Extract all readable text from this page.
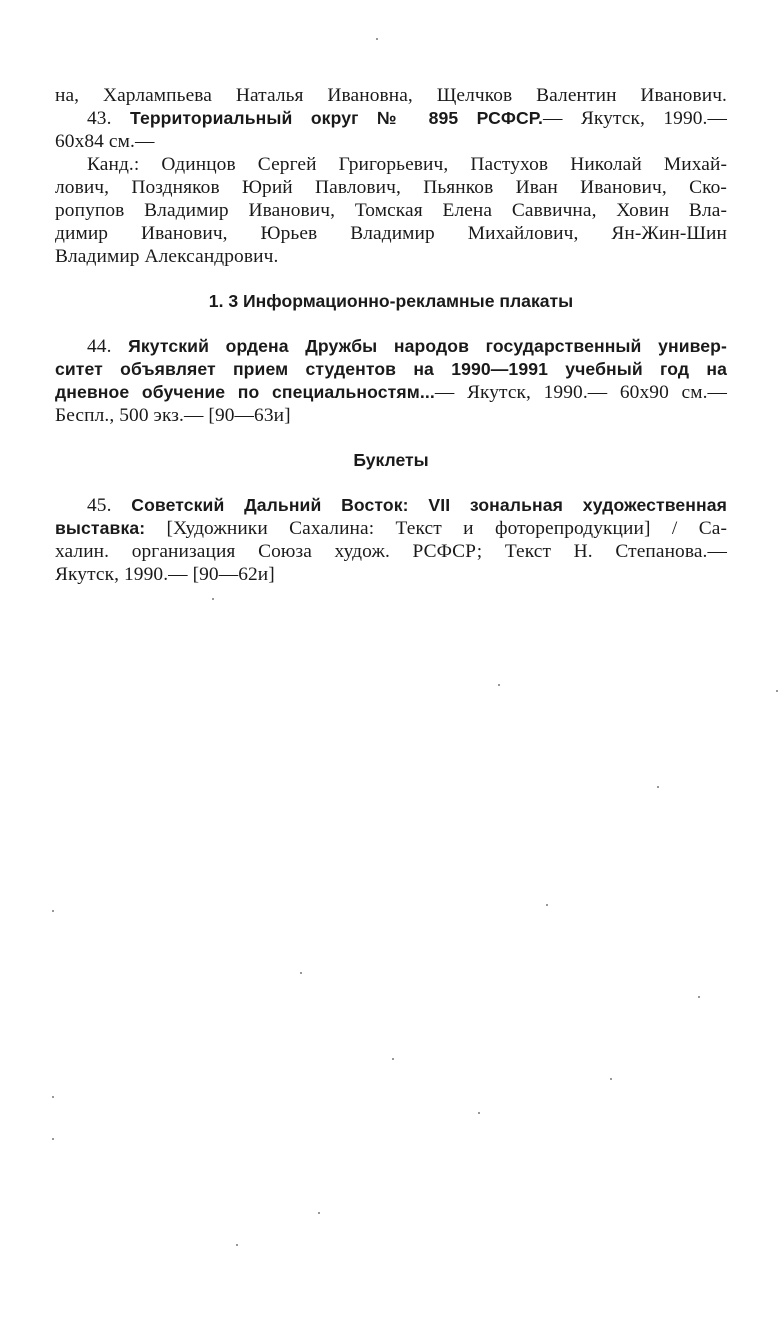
на, Харлампьева Наталья Ивановна, Щелчков Валентин Иванович.
43. Территориальный округ № 895 РСФСР.— Якутск, 1990.—
60х84 см.—
Канд.: Одинцов Сергей Григорьевич, Пастухов Николай Михай-
лович, Поздняков Юрий Павлович, Пьянков Иван Иванович, Ско-
ропупов Владимир Иванович, Томская Елена Саввична, Ховин Вла-
димир Иванович, Юрьев Владимир Михайлович, Ян-Жин-Шин
Владимир Александрович.
1. 3 Информационно-рекламные плакаты
44. Якутский ордена Дружбы народов государственный универ-
ситет объявляет прием студентов на 1990—1991 учебный год на
дневное обучение по специальностям...— Якутск, 1990.— 60х90 см.—
Беспл., 500 экз.— [90—63и]
Буклеты
45. Советский Дальний Восток: VII зональная художественная
выставка: [Художники Сахалина: Текст и фоторепродукции] / Са-
халин. организация Союза худож. РСФСР; Текст Н. Степанова.—
Якутск, 1990.— [90—62и]
